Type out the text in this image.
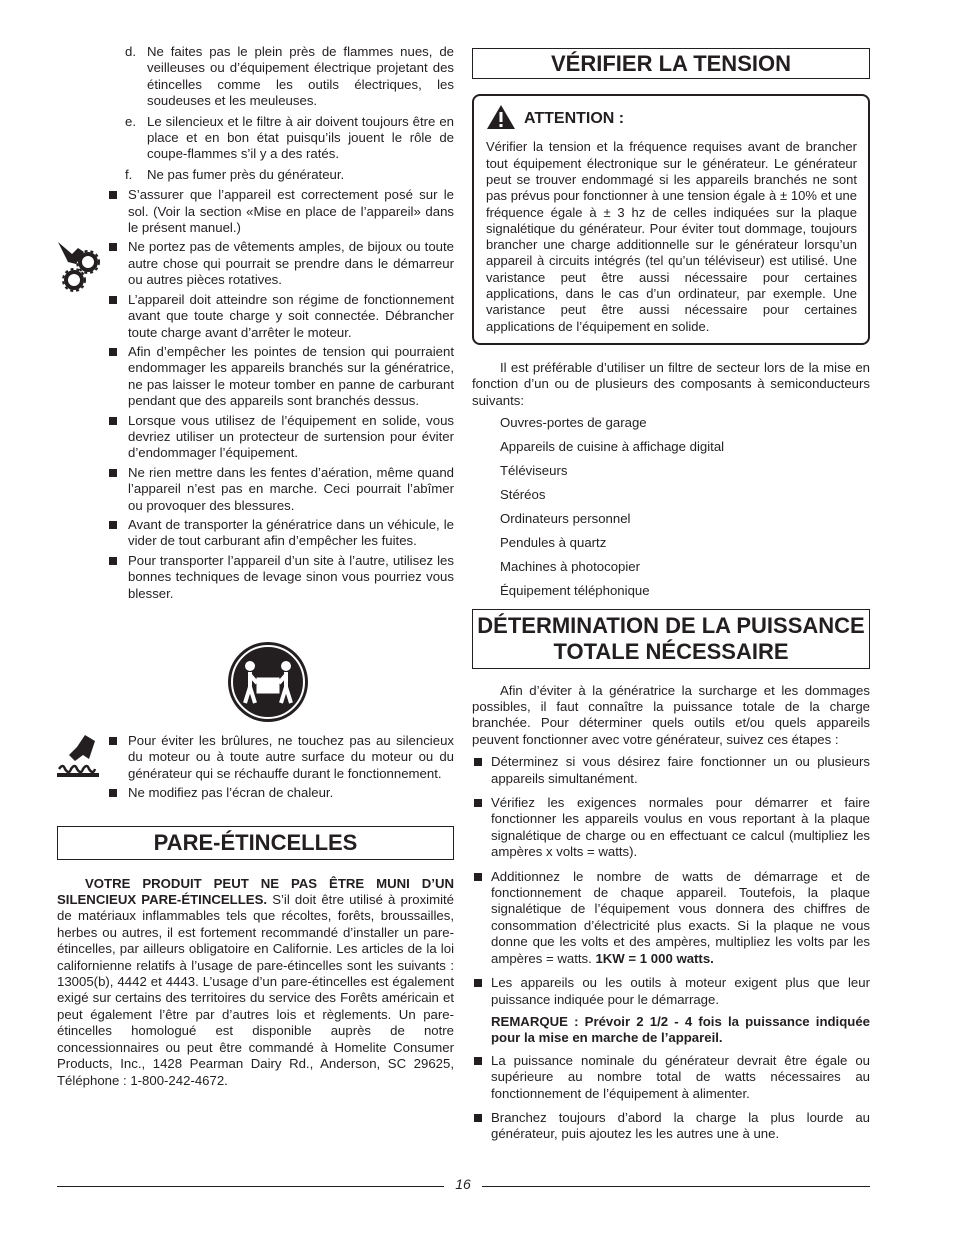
d. Ne faites pas le plein près de flammes nues, de veilleuses ou d’équipement électrique projetant des étincelles comme les outils électriques, les soudeuses et les meuleuses.
e. Le silencieux et le filtre à air doivent toujours être en place et en bon état puisqu’ils jouent le rôle de coupe-flammes s’il y a des ratés.
f.	Ne pas fumer près du générateur.
S’assurer que l’appareil est correctement posé sur le sol. (Voir la section «Mise en place de l’appareil» dans le présent manuel.)
Ne portez pas de vêtements amples, de bijoux ou toute autre chose qui pourrait se prendre dans le démarreur ou autres pièces rotatives.
L’appareil doit atteindre son régime de fonctionnement avant que toute charge y soit connectée. Débrancher toute charge avant d’arrêter le moteur.
Afin d’empêcher les pointes de tension qui pourraient endommager les appareils branchés sur la génératrice, ne pas laisser le moteur tomber en panne de carburant pendant que des appareils sont branchés dessus.
Lorsque vous utilisez de l’équipement en solide, vous devriez utiliser un protecteur de surtension pour éviter d’endommager l’équipement.
Ne rien mettre dans les fentes d’aération, même quand l’appareil n’est pas en marche. Ceci pourrait l’abîmer ou provoquer des blessures.
Avant de transporter la génératrice dans un véhicule, le vider de tout carburant afin d’empêcher les fuites.
Pour transporter l’appareil d’un site à l’autre, utilisez les bonnes techniques de levage sinon vous pourriez vous blesser.
Pour éviter les brûlures, ne touchez pas au silencieux du moteur ou à toute autre surface du moteur ou du générateur qui se réchauffe durant le fonctionnement.
Ne modifiez pas l’écran de chaleur.
PARE-ÉTINCELLES

VOTRE PRODUIT PEUT NE PAS ÊTRE MUNI D’UN SILENCIEUX PARE-ÉTINCELLES. S’il doit être utilisé à proximité de matériaux inflammables tels que récoltes, forêts, broussailles, herbes ou autres, il est fortement recommandé d’installer un pare-étincelles, par ailleurs obligatoire en Californie. Les articles de la loi californienne relatifs à l’usage de pare-étincelles sont les suivants : 13005(b), 4442 et 4443. L’usage d’un pare-étincelles est également exigé sur certains des territoires du service des Forêts américain et peut également l’être par d’autres lois et règlements. Un pare-étincelles homologué est disponible auprès de notre concessionnaires ou peut être commandé à Homelite Consumer Products, Inc., 1428 Pearman Dairy Rd., Anderson, SC 29625, Téléphone : 1-800-242-4672.

VÉRIFIER LA TENSION
ATTENTION :
Vérifier la tension et la fréquence requises avant de brancher tout équipement électronique sur le générateur. Le générateur peut se trouver endommagé si les appareils branchés ne sont pas prévus pour fonctionner à une tension égale à ± 10% et une fréquence égale à ± 3 hz de celles indiquées sur la plaque signalétique du générateur. Pour éviter tout dommage, toujours brancher une charge additionnelle sur le générateur lorsqu’un appareil à circuits intégrés (tel qu’un téléviseur) est utilisé. Une varistance peut être aussi nécessaire pour certaines applications, dans le cas d’un ordinateur, par exemple. Une varistance peut être aussi nécessaire pour certaines applications de l’équipement en solide.

Il est préférable d’utiliser un filtre de secteur lors de la mise en fonction d’un ou de plusieurs des composants à semiconducteurs suivants:

Ouvres-portes de garage
Appareils de cuisine à affichage digital
Téléviseurs
Stéréos
Ordinateurs personnel
Pendules à quartz
Machines à photocopier
Équipement téléphonique
DÉTERMINATION DE LA PUISSANCE
TOTALE NÉCESSAIRE

Afin d’éviter à la génératrice la surcharge et les dommages possibles, il faut connaître la puissance totale de la charge branchée. Pour déterminer quels outils et/ou quels appareils peuvent fonctionner avec votre générateur, suivez ces étapes :

Déterminez si vous désirez faire fonctionner un ou plusieurs appareils simultanément.
Vérifiez les exigences normales pour démarrer et faire fonctionner les appareils voulus en vous reportant à la plaque signalétique de charge ou en effectuant ce calcul (multipliez les ampères x volts = watts).
Additionnez le nombre de watts de démarrage et de fonctionnement de chaque appareil. Toutefois, la plaque signalétique de l’équipement vous donnera des chiffres de consommation d’électricité plus exacts. Si la plaque ne vous donne que les volts et des ampères, multipliez les volts par les ampères = watts. 1KW = 1 000 watts.
Les appareils ou les outils à moteur exigent plus que leur puissance indiquée pour le démarrage.

REMARQUE : Prévoir 2 1/2 - 4 fois la puissance indiquée pour la mise en marche de l’appareil.

La puissance nominale du générateur devrait être égale ou supérieure au nombre total de watts nécessaires au fonctionnement de l’équipement à alimenter.
Branchez toujours d’abord la charge la plus lourde au générateur, puis ajoutez les les autres une à une.
16
